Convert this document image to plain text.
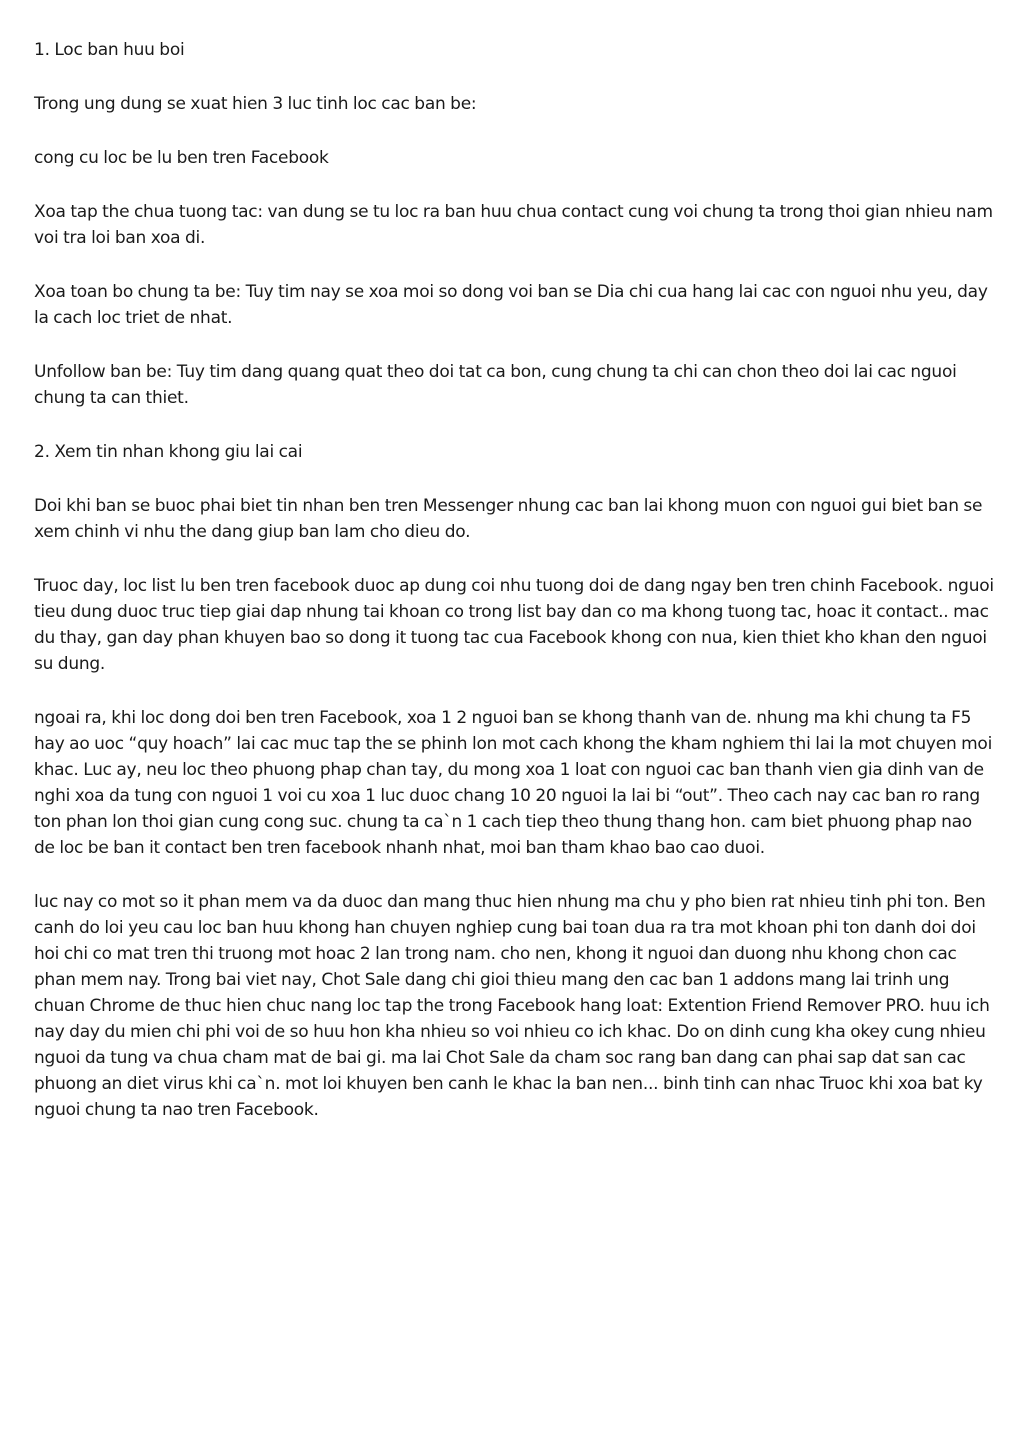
1. Loc ban huu boi

Trong ung dung se xuat hien 3 luc tinh loc cac ban be:

cong cu loc be lu ben tren Facebook

Xoa tap the chua tuong tac: van dung se tu loc ra ban huu chua contact cung voi chung ta trong thoi gian nhieu nam voi tra loi ban xoa di.

Xoa toan bo chung ta be: Tuy tim nay se xoa moi so dong voi ban se Dia chi cua hang lai cac con nguoi nhu yeu, day la cach loc triet de nhat.

Unfollow ban be: Tuy tim dang quang quat theo doi tat ca bon, cung chung ta chi can chon theo doi lai cac nguoi chung ta can thiet.

2. Xem tin nhan khong giu lai cai

Doi khi ban se buoc phai biet tin nhan ben tren Messenger nhung cac ban lai khong muon con nguoi gui biet ban se xem chinh vi nhu the dang giup ban lam cho dieu do.

Truoc day, loc list lu ben tren facebook duoc ap dung coi nhu tuong doi de dang ngay ben tren chinh Facebook. nguoi tieu dung duoc truc tiep giai dap nhung tai khoan co trong list bay dan co ma khong tuong tac, hoac it contact.. mac du thay, gan day phan khuyen bao so dong it tuong tac cua Facebook khong con nua, kien thiet kho khan den nguoi su dung.

ngoai ra, khi loc dong doi ben tren Facebook, xoa 1 2 nguoi ban se khong thanh van de. nhung ma khi chung ta F5 hay ao uoc “quy hoach” lai cac muc tap the se phinh lon mot cach khong the kham nghiem thi lai la mot chuyen moi khac. Luc ay, neu loc theo phuong phap chan tay, du mong xoa 1 loat con nguoi cac ban thanh vien gia dinh van de nghi xoa da tung con nguoi 1 voi cu xoa 1 luc duoc chang 10 20 nguoi la lai bi “out”. Theo cach nay cac ban ro rang ton phan lon thoi gian cung cong suc. chung ta ca`n 1 cach tiep theo thung thang hon. cam biet phuong phap nao de loc be ban it contact ben tren facebook nhanh nhat, moi ban tham khao bao cao duoi.

luc nay co mot so it phan mem va da duoc dan mang thuc hien nhung ma chu y pho bien rat nhieu tinh phi ton. Ben canh do loi yeu cau loc ban huu khong han chuyen nghiep cung bai toan dua ra tra mot khoan phi ton danh doi doi hoi chi co mat tren thi truong mot hoac 2 lan trong nam. cho nen, khong it nguoi dan duong nhu khong chon cac phan mem nay. Trong bai viet nay, Chot Sale dang chi gioi thieu mang den cac ban 1 addons mang lai trinh ung chuan Chrome de thuc hien chuc nang loc tap the trong Facebook hang loat: Extention Friend Remover PRO. huu ich nay day du mien chi phi voi de so huu hon kha nhieu so voi nhieu co ich khac. Do on dinh cung kha okey cung nhieu nguoi da tung va chua cham mat de bai gi. ma lai Chot Sale da cham soc rang ban dang can phai sap dat san cac phuong an diet virus khi ca`n. mot loi khuyen ben canh le khac la ban nen... binh tinh can nhac Truoc khi xoa bat ky nguoi chung ta nao tren Facebook.
